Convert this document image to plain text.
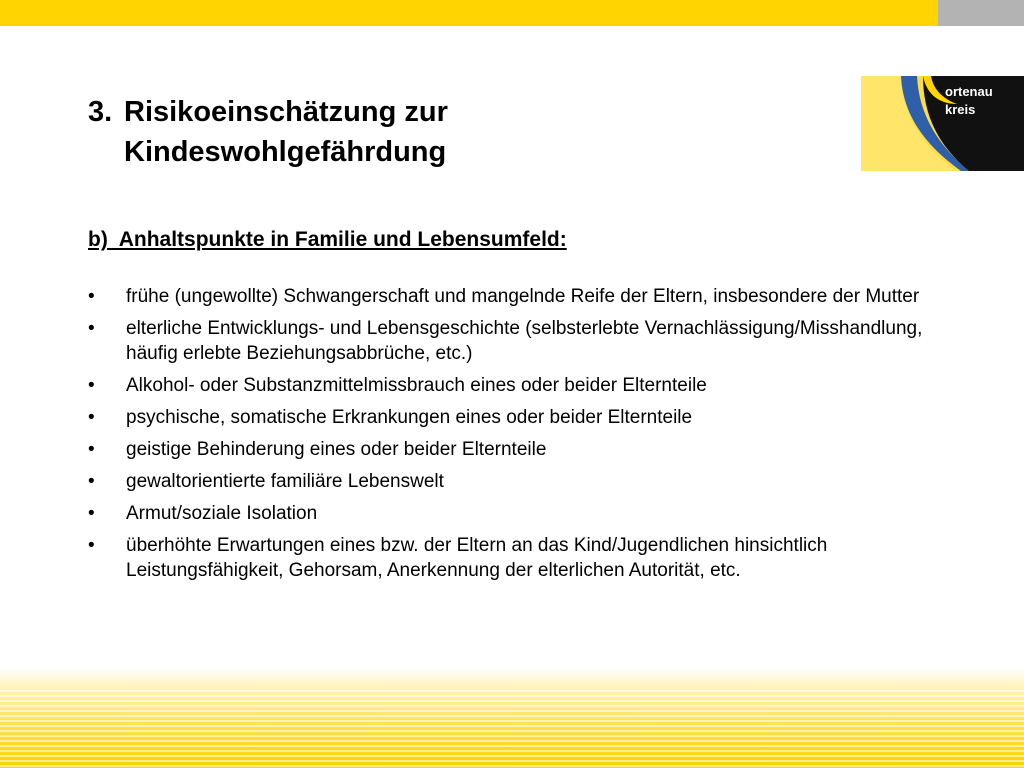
ortenau
kreis
3. Risikoeinschätzung zur
Kindeswohlgefährdung
b)  Anhaltspunkte in Familie und Lebensumfeld:
• frühe (ungewollte) Schwangerschaft und mangelnde Reife der Eltern, insbesondere der Mutter
• elterliche Entwicklungs- und Lebensgeschichte (selbsterlebte Vernachlässigung/Misshandlung, häufig erlebte Beziehungsabbrüche, etc.)
• Alkohol- oder Substanzmittelmissbrauch eines oder beider Elternteile
• psychische, somatische Erkrankungen eines oder beider Elternteile
• geistige Behinderung eines oder beider Elternteile
• gewaltorientierte familiäre Lebenswelt
• Armut/soziale Isolation
• überhöhte Erwartungen eines bzw. der Eltern an das Kind/Jugendlichen hinsichtlich Leistungsfähigkeit, Gehorsam, Anerkennung der elterlichen Autorität, etc.
